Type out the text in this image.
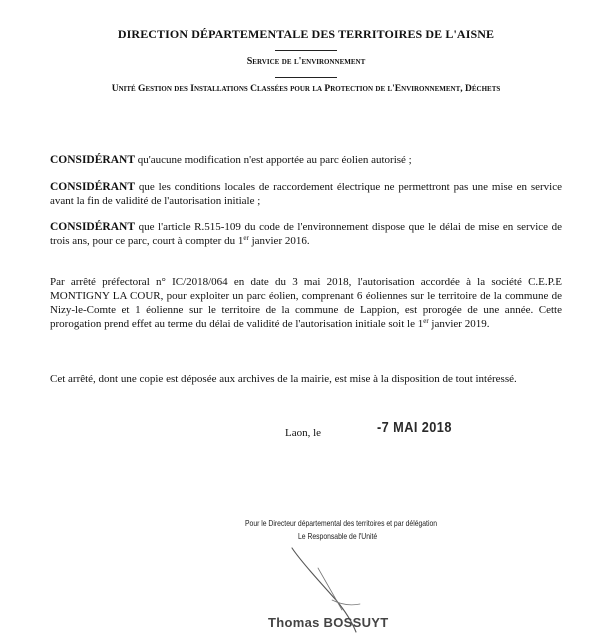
DIRECTION DÉPARTEMENTALE DES TERRITOIRES DE L'AISNE
Service de l'environnement
Unité Gestion des Installations Classées pour la Protection de l'Environnement, Déchets
CONSIDÉRANT qu'aucune modification n'est apportée au parc éolien autorisé ;
CONSIDÉRANT que les conditions locales de raccordement électrique ne permettront pas une mise en service avant la fin de validité de l'autorisation initiale ;
CONSIDÉRANT que l'article R.515-109 du code de l'environnement dispose que le délai de mise en service de trois ans, pour ce parc, court à compter du 1er janvier 2016.
Par arrêté préfectoral n° IC/2018/064 en date du 3 mai 2018, l'autorisation accordée à la société C.E.P.E MONTIGNY LA COUR, pour exploiter un parc éolien, comprenant 6 éoliennes sur le territoire de la commune de Nizy-le-Comte et 1 éolienne sur le territoire de la commune de Lappion, est prorogée de une année. Cette prorogation prend effet au terme du délai de validité de l'autorisation initiale soit le 1er janvier 2019.
Cet arrêté, dont une copie est déposée aux archives de la mairie, est mise à la disposition de tout intéressé.
Laon, le	-7 MAI 2018
Pour le Directeur départemental des territoires et par délégation
Le Responsable de l'Unité
Thomas BOSSUYT
